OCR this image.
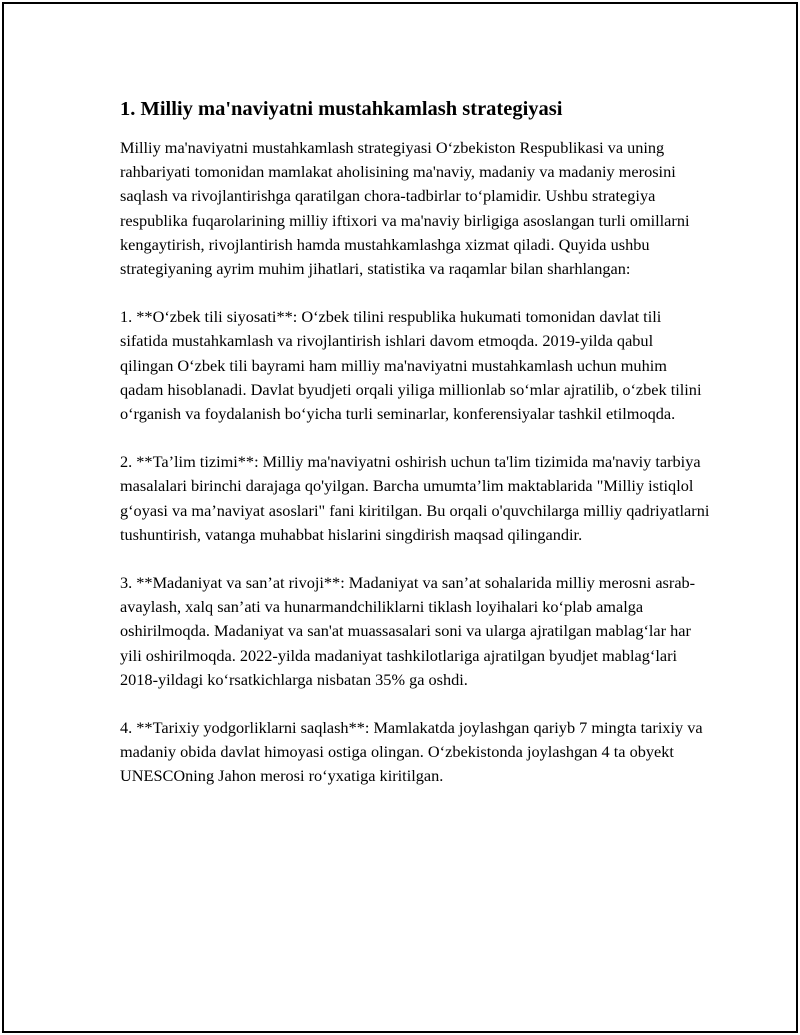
1. Milliy ma'naviyatni mustahkamlash strategiyasi

Milliy ma'naviyatni mustahkamlash strategiyasi O‘zbekiston Respublikasi va uning rahbariyati tomonidan mamlakat aholisining ma'naviy, madaniy va madaniy merosini saqlash va rivojlantirishga qaratilgan chora-tadbirlar to‘plamidir. Ushbu strategiya respublika fuqarolarining milliy iftixori va ma'naviy birligiga asoslangan turli omillarni kengaytirish, rivojlantirish hamda mustahkamlashga xizmat qiladi. Quyida ushbu strategiyaning ayrim muhim jihatlari, statistika va raqamlar bilan sharhlangan:

1. **O‘zbek tili siyosati**: O‘zbek tilini respublika hukumati tomonidan davlat tili sifatida mustahkamlash va rivojlantirish ishlari davom etmoqda. 2019-yilda qabul qilingan O‘zbek tili bayrami ham milliy ma'naviyatni mustahkamlash uchun muhim qadam hisoblanadi. Davlat byudjeti orqali yiliga millionlab so‘mlar ajratilib, o‘zbek tilini o‘rganish va foydalanish bo‘yicha turli seminarlar, konferensiyalar tashkil etilmoqda.

2. **Ta’lim tizimi**: Milliy ma'naviyatni oshirish uchun ta'lim tizimida ma'naviy tarbiya masalalari birinchi darajaga qo'yilgan. Barcha umumta’lim maktablarida "Milliy istiqlol g‘oyasi va ma’naviyat asoslari" fani kiritilgan. Bu orqali o'quvchilarga milliy qadriyatlarni tushuntirish, vatanga muhabbat hislarini singdirish maqsad qilingandir.

3. **Madaniyat va san’at rivoji**: Madaniyat va san’at sohalarida milliy merosni asrab-avaylash, xalq san’ati va hunarmandchiliklarni tiklash loyihalari ko‘plab amalga oshirilmoqda. Madaniyat va san'at muassasalari soni va ularga ajratilgan mablag‘lar har yili oshirilmoqda. 2022-yilda madaniyat tashkilotlariga ajratilgan byudjet mablag‘lari 2018-yildagi ko‘rsatkichlarga nisbatan 35% ga oshdi.

4. **Tarixiy yodgorliklarni saqlash**: Mamlakatda joylashgan qariyb 7 mingta tarixiy va madaniy obida davlat himoyasi ostiga olingan. O‘zbekistonda joylashgan 4 ta obyekt UNESCOning Jahon merosi ro‘yxatiga kiritilgan.
